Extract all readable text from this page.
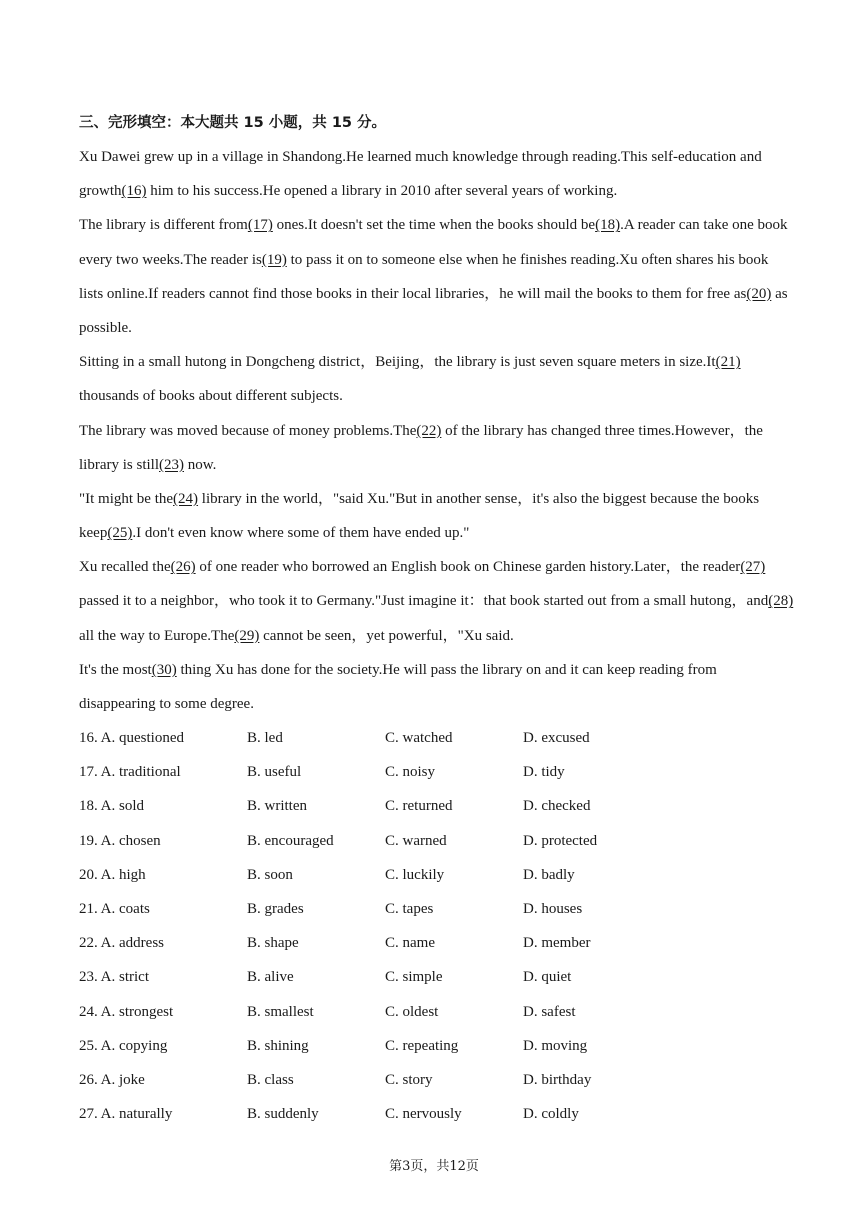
三、完形填空：本大题共 15 小题，共 15 分。
Xu Dawei grew up in a village in Shandong.He learned much knowledge through reading.This self-education and
growth(16) him to his success.He opened a library in 2010 after several years of working.
The library is different from(17) ones.It doesn't set the time when the books should be(18).A reader can take one book
every two weeks.The reader is(19) to pass it on to someone else when he finishes reading.Xu often shares his book
lists online.If readers cannot find those books in their local libraries，he will mail the books to them for free as(20) as
possible.
Sitting in a small hutong in Dongcheng district，Beijing，the library is just seven square meters in size.It(21)
thousands of books about different subjects.
The library was moved because of money problems.The(22) of the library has changed three times.However，the
library is still(23) now.
"It might be the(24) library in the world，"said Xu."But in another sense，it's also the biggest because the books
keep(25).I don't even know where some of them have ended up."
Xu recalled the(26) of one reader who borrowed an English book on Chinese garden history.Later，the reader(27)
passed it to a neighbor，who took it to Germany."Just imagine it：that book started out from a small hutong，and(28)
all the way to Europe.The(29) cannot be seen，yet powerful，"Xu said.
It's the most(30) thing Xu has done for the society.He will pass the library on and it can keep reading from
disappearing to some degree.
16. A. questioned	B. led	C. watched	D. excused
17. A. traditional	B. useful	C. noisy	D. tidy
18. A. sold	B. written	C. returned	D. checked
19. A. chosen	B. encouraged	C. warned	D. protected
20. A. high	B. soon	C. luckily	D. badly
21. A. coats	B. grades	C. tapes	D. houses
22. A. address	B. shape	C. name	D. member
23. A. strict	B. alive	C. simple	D. quiet
24. A. strongest	B. smallest	C. oldest	D. safest
25. A. copying	B. shining	C. repeating	D. moving
26. A. joke	B. class	C. story	D. birthday
27. A. naturally	B. suddenly	C. nervously	D. coldly
第3页，共12页
